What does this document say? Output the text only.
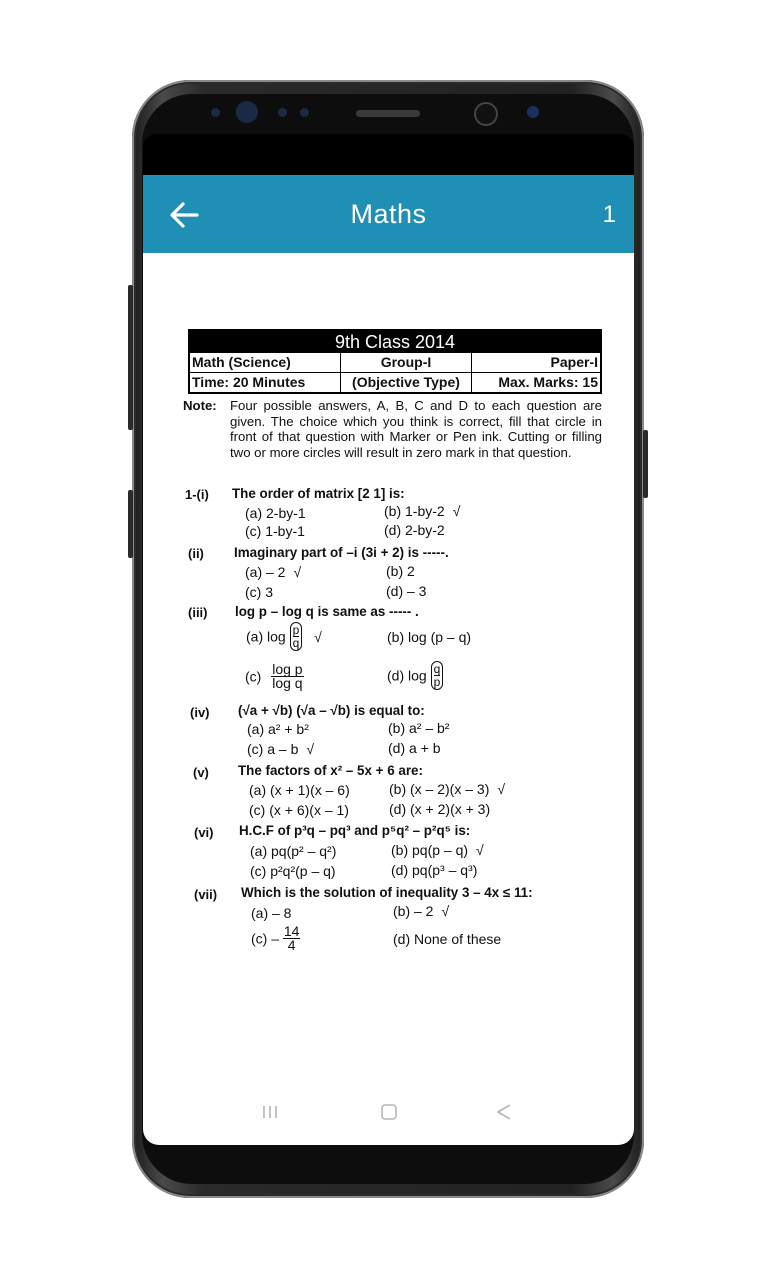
Maths	1
9th Class 2014
Math (Science)	Group-I	Paper-I
Time: 20 Minutes	(Objective Type)	Max. Marks: 15
Note: Four possible answers, A, B, C and D to each question are given. The choice which you think is correct, fill that circle in front of that question with Marker or Pen ink. Cutting or filling two or more circles will result in zero mark in that question.
1-(i) The order of matrix [2 1] is:
(a) 2-by-1	(b) 1-by-2 √
(c) 1-by-1	(d) 2-by-2
(ii) Imaginary part of –i (3i + 2) is -----.
(a) – 2 √	(b) 2
(c) 3	(d) – 3
(iii) log p – log q is same as ----- .
(a) $\log \frac{p}{q}$ √	(b) log (p – q)
$(c) \frac{\text{log p}}{\text{log q}}$	(d) $\log \frac{q}{p}$
(iv) (√a + √b) (√a – √b) is equal to:
(a) a² + b²	(b) a² – b²
(c) a – b √	(d) a + b
(v) The factors of x² – 5x + 6 are:
(a) (x + 1)(x – 6)	(b) (x – 2)(x – 3) √
(c) (x + 6)(x – 1)	(d) (x + 2)(x + 3)
(vi) H.C.F of p³q – pq³ and p⁵q² – p²q⁵ is:
(a) pq(p² – q²)	(b) pq(p – q) √
(c) p²q²(p – q)	(d) pq(p³ – q³)
(vii) Which is the solution of inequality 3 – 4x ≤ 11:
(a) – 8	(b) – 2 √
$(c) - \frac{14}{4}$	(d) None of these
